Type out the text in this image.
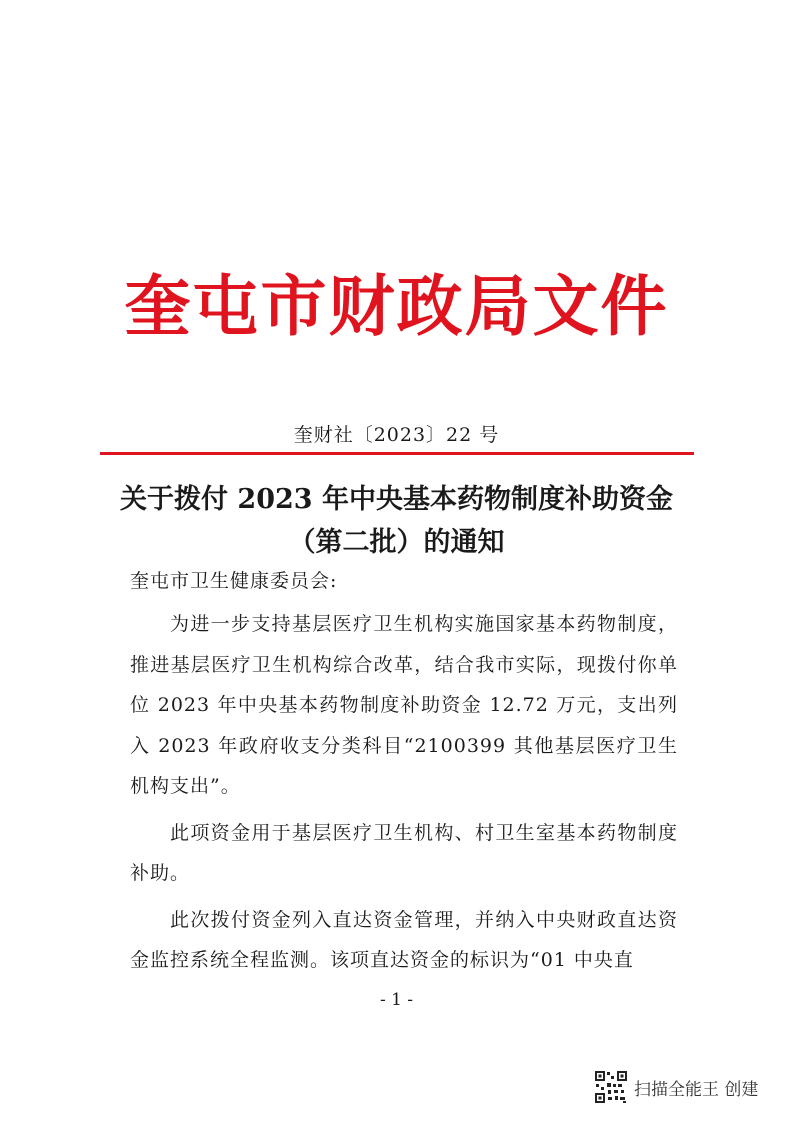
奎屯市财政局文件
奎财社〔2023〕22 号
关于拨付 2023 年中央基本药物制度补助资金（第二批）的通知
奎屯市卫生健康委员会:

为进一步支持基层医疗卫生机构实施国家基本药物制度，推进基层医疗卫生机构综合改革，结合我市实际，现拨付你单位 2023 年中央基本药物制度补助资金 12.72 万元，支出列入 2023 年政府收支分类科目“2100399 其他基层医疗卫生机构支出”。

此项资金用于基层医疗卫生机构、村卫生室基本药物制度补助。

此次拨付资金列入直达资金管理，并纳入中央财政直达资金监控系统全程监测。该项直达资金的标识为“01 中央直

- 1 -
扫描全能王 创建
